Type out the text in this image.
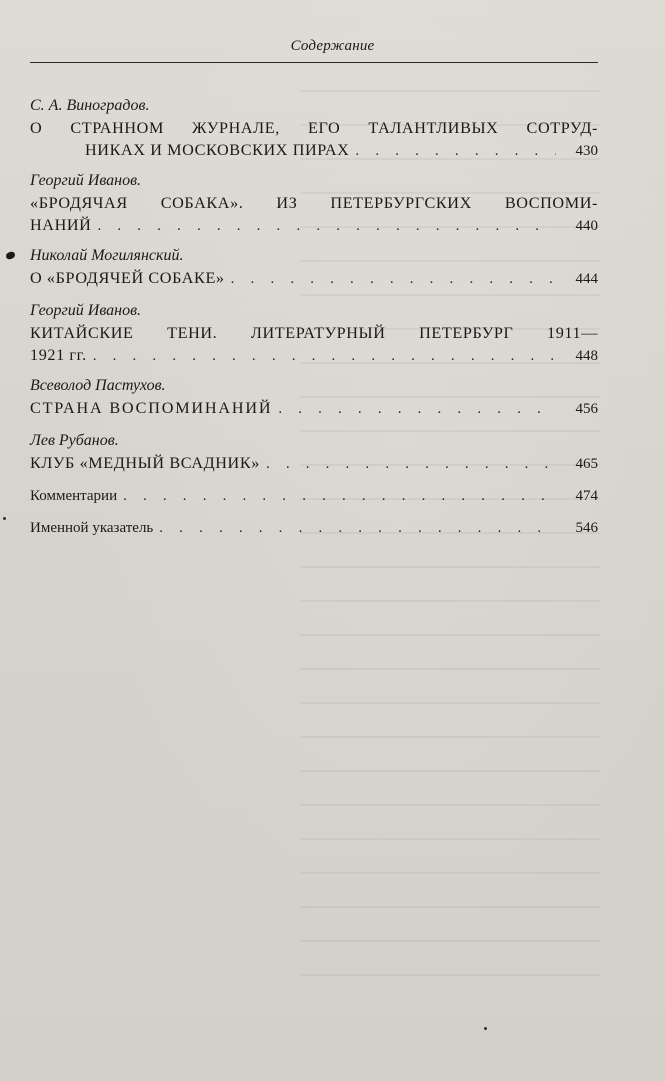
Содержание
С. А. Виноградов.
О СТРАННОМ ЖУРНАЛЕ, ЕГО ТАЛАНТЛИВЫХ СОТРУД-
НИКАХ И МОСКОВСКИХ ПИРАХ . . .	430
Георгий Иванов.
«БРОДЯЧАЯ СОБАКА». ИЗ ПЕТЕРБУРГСКИХ ВОСПОМИ-
НАНИЙ . . .	440
Николай Могилянский.
О «БРОДЯЧЕЙ СОБАКЕ» . . .	444
Георгий Иванов.
КИТАЙСКИЕ ТЕНИ. ЛИТЕРАТУРНЫЙ ПЕТЕРБУРГ 1911—
1921 гг. . . .	448
Всеволод Пастухов.
СТРАНА ВОСПОМИНАНИЙ . . .	456
Лев Рубанов.
КЛУБ «МЕДНЫЙ ВСАДНИК» . . .	465
Комментарии . . .	474
Именной указатель . . .	546
